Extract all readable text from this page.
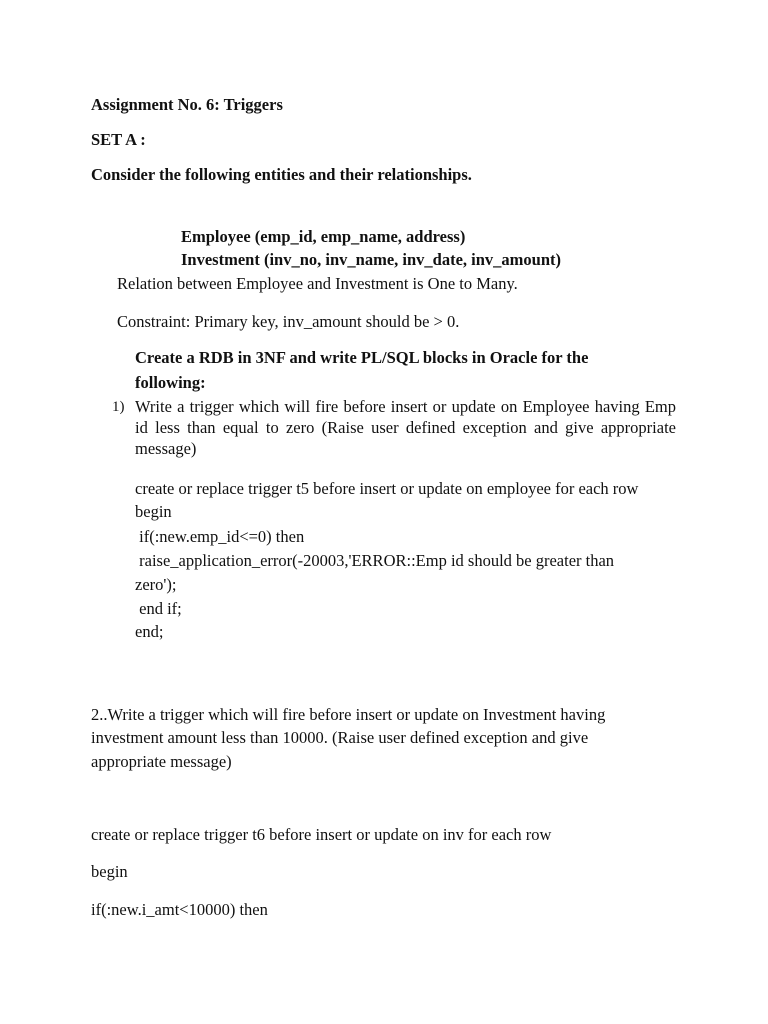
Assignment No. 6: Triggers
SET A :
Consider the following entities and their relationships.
Employee (emp_id, emp_name, address)
Investment (inv_no, inv_name, inv_date, inv_amount)
Relation between Employee and Investment is One to Many.
Constraint: Primary key, inv_amount should be > 0.
Create a RDB in 3NF and write PL/SQL blocks in Oracle for the
following:
1) Write a trigger which will fire before insert or update on Employee having Emp id less than equal to zero (Raise user defined exception and give appropriate message)
create or replace trigger t5 before insert or update on employee for each row
begin
if(:new.emp_id<=0) then
raise_application_error(-20003,'ERROR::Emp id should be greater than
zero');
end if;
end;
2..Write a trigger which will fire before insert or update on Investment having
investment amount less than 10000. (Raise user defined exception and give
appropriate message)
create or replace trigger t6 before insert or update on inv for each row
begin
if(:new.i_amt<10000) then
